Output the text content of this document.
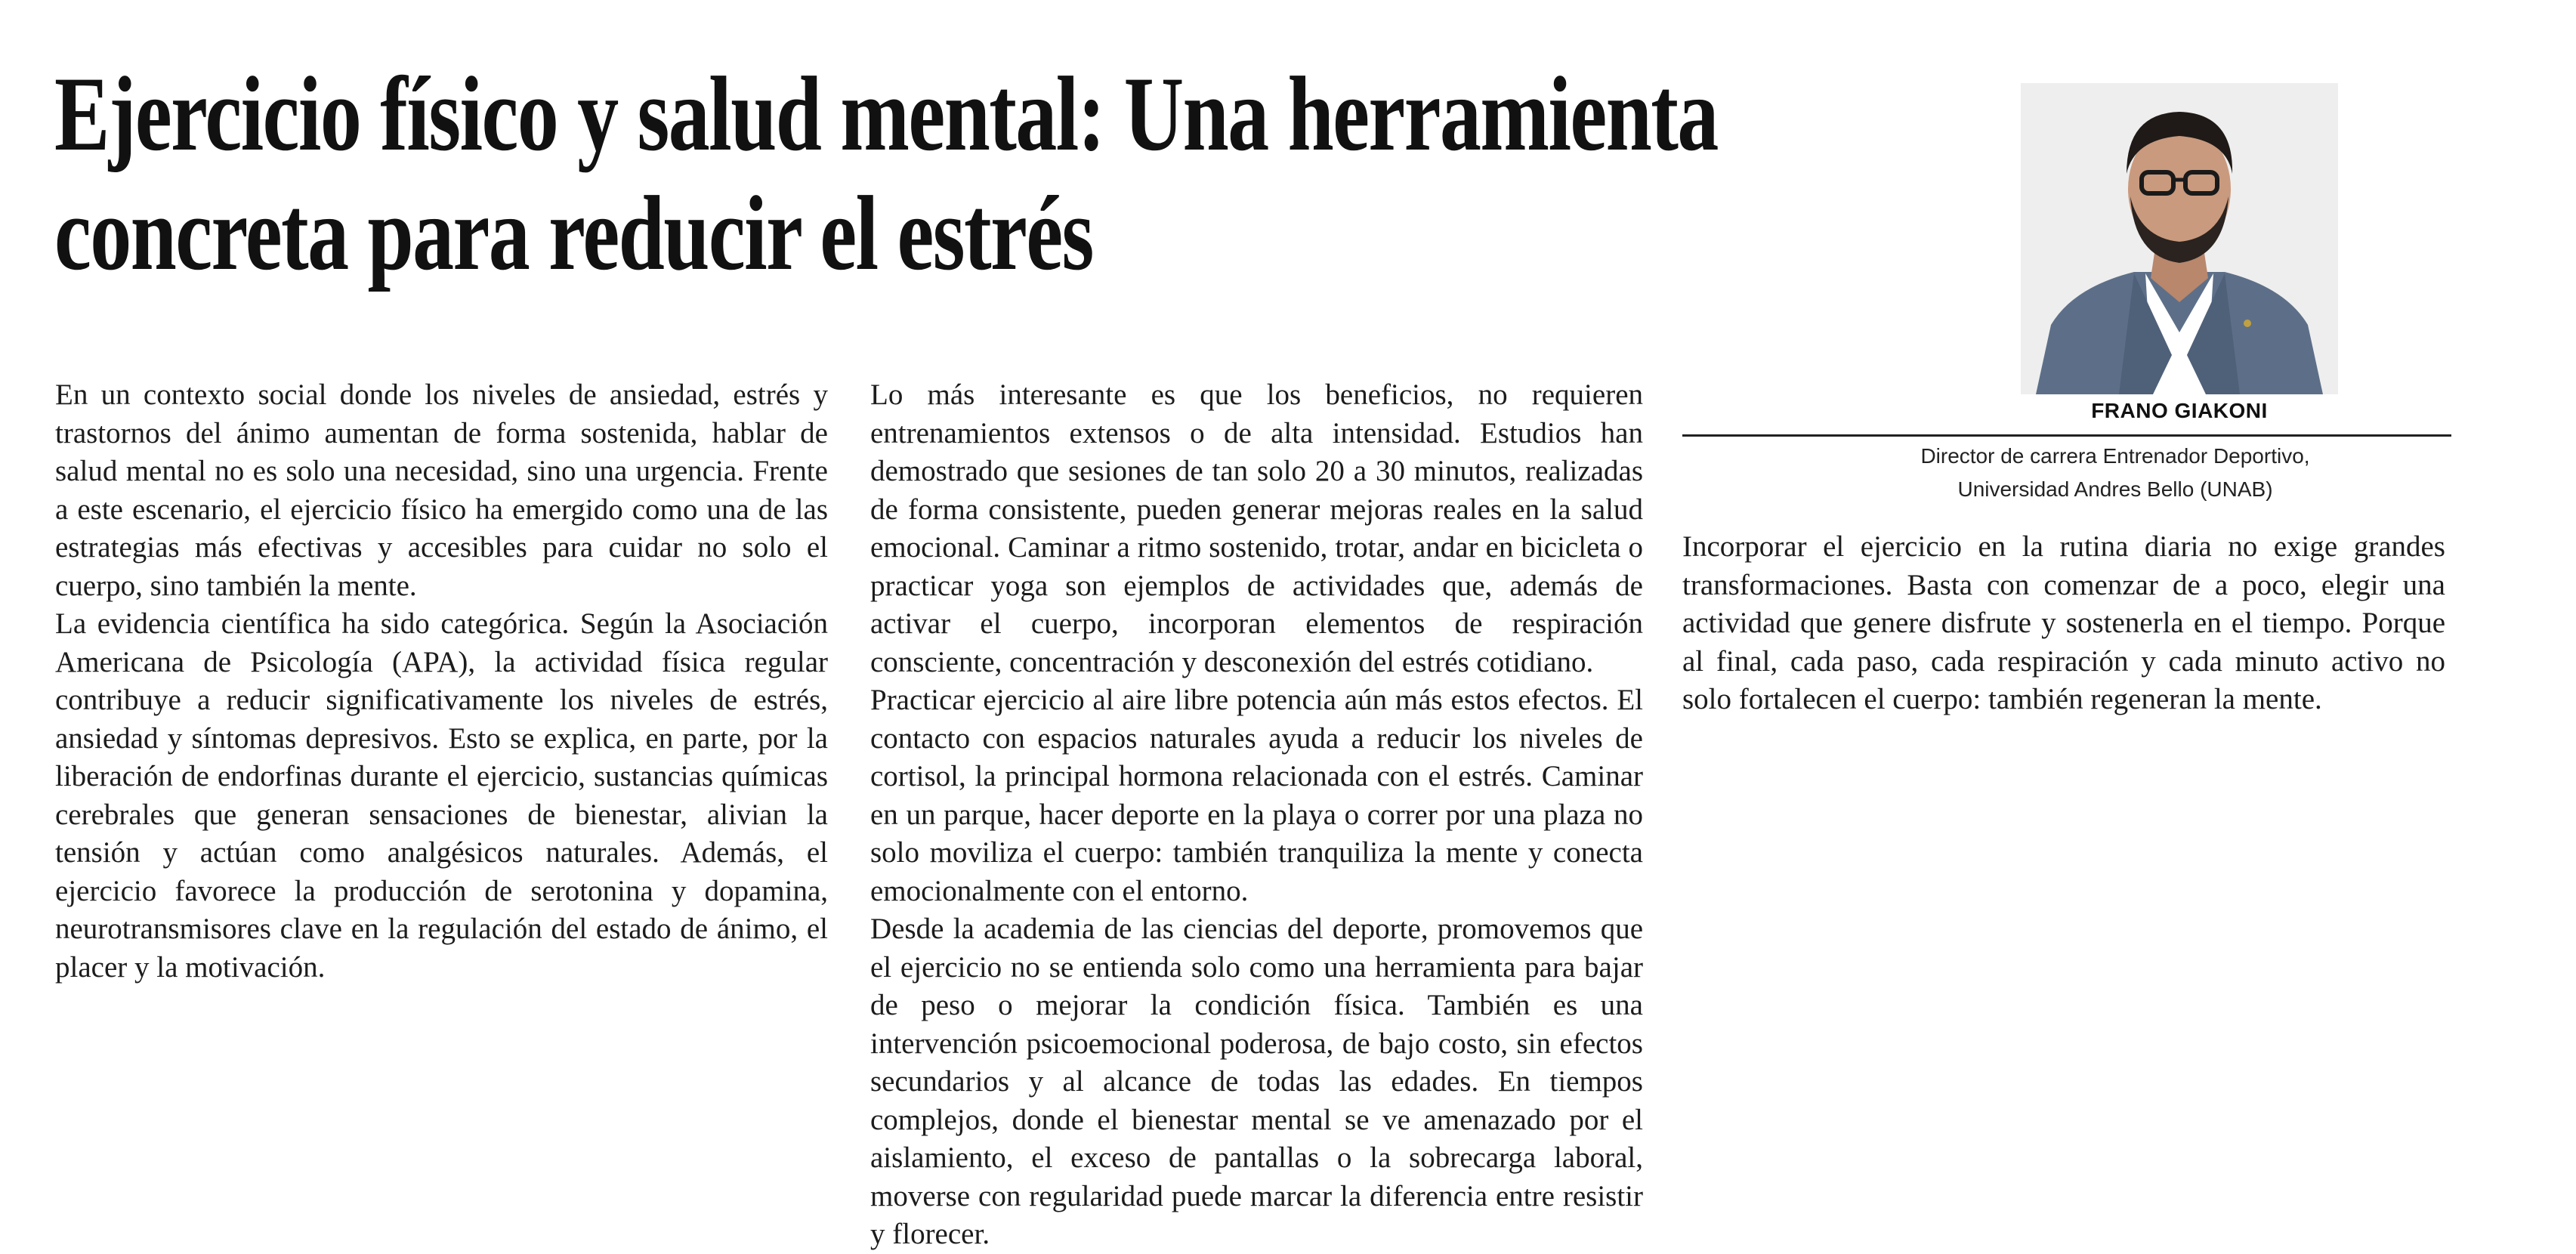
Ejercicio físico y salud mental: Una herramienta concreta para reducir el estrés
FRANO GIAKONI
Director de carrera Entrenador Deportivo,
Universidad Andres Bello (UNAB)

En un contexto social donde los niveles de ansiedad, estrés y trastornos del ánimo aumentan de forma sostenida, hablar de salud mental no es solo una necesidad, sino una urgencia. Frente a este escenario, el ejercicio físico ha emergido como una de las estrategias más efectivas y accesibles para cuidar no solo el cuerpo, sino también la mente.

La evidencia científica ha sido categórica. Según la Asociación Americana de Psicología (APA), la actividad física regular contribuye a reducir significativamente los niveles de estrés, ansiedad y síntomas depresivos. Esto se explica, en parte, por la liberación de endorfinas durante el ejercicio, sustancias químicas cerebrales que generan sensaciones de bienestar, alivian la tensión y actúan como analgésicos naturales. Además, el ejercicio favorece la producción de serotonina y dopamina, neurotransmisores clave en la regulación del estado de ánimo, el placer y la motivación.

Lo más interesante es que los beneficios, no requieren entrenamientos extensos o de alta intensidad. Estudios han demostrado que sesiones de tan solo 20 a 30 minutos, realizadas de forma consistente, pueden generar mejoras reales en la salud emocional. Caminar a ritmo sostenido, trotar, andar en bicicleta o practicar yoga son ejemplos de actividades que, además de activar el cuerpo, incorporan elementos de respiración consciente, concentración y desconexión del estrés cotidiano.

Practicar ejercicio al aire libre potencia aún más estos efectos. El contacto con espacios naturales ayuda a reducir los niveles de cortisol, la principal hormona relacionada con el estrés. Caminar en un parque, hacer deporte en la playa o correr por una plaza no solo moviliza el cuerpo: también tranquiliza la mente y conecta emocionalmente con el entorno.

Desde la academia de las ciencias del deporte, promovemos que el ejercicio no se entienda solo como una herramienta para bajar de peso o mejorar la condición física. También es una intervención psicoemocional poderosa, de bajo costo, sin efectos secundarios y al alcance de todas las edades. En tiempos complejos, donde el bienestar mental se ve amenazado por el aislamiento, el exceso de pantallas o la sobrecarga laboral, moverse con regularidad puede marcar la diferencia entre resistir y florecer.

Incorporar el ejercicio en la rutina diaria no exige grandes transformaciones. Basta con comenzar de a poco, elegir una actividad que genere disfrute y sostenerla en el tiempo. Porque al final, cada paso, cada respiración y cada minuto activo no solo fortalecen el cuerpo: también regeneran la mente.
